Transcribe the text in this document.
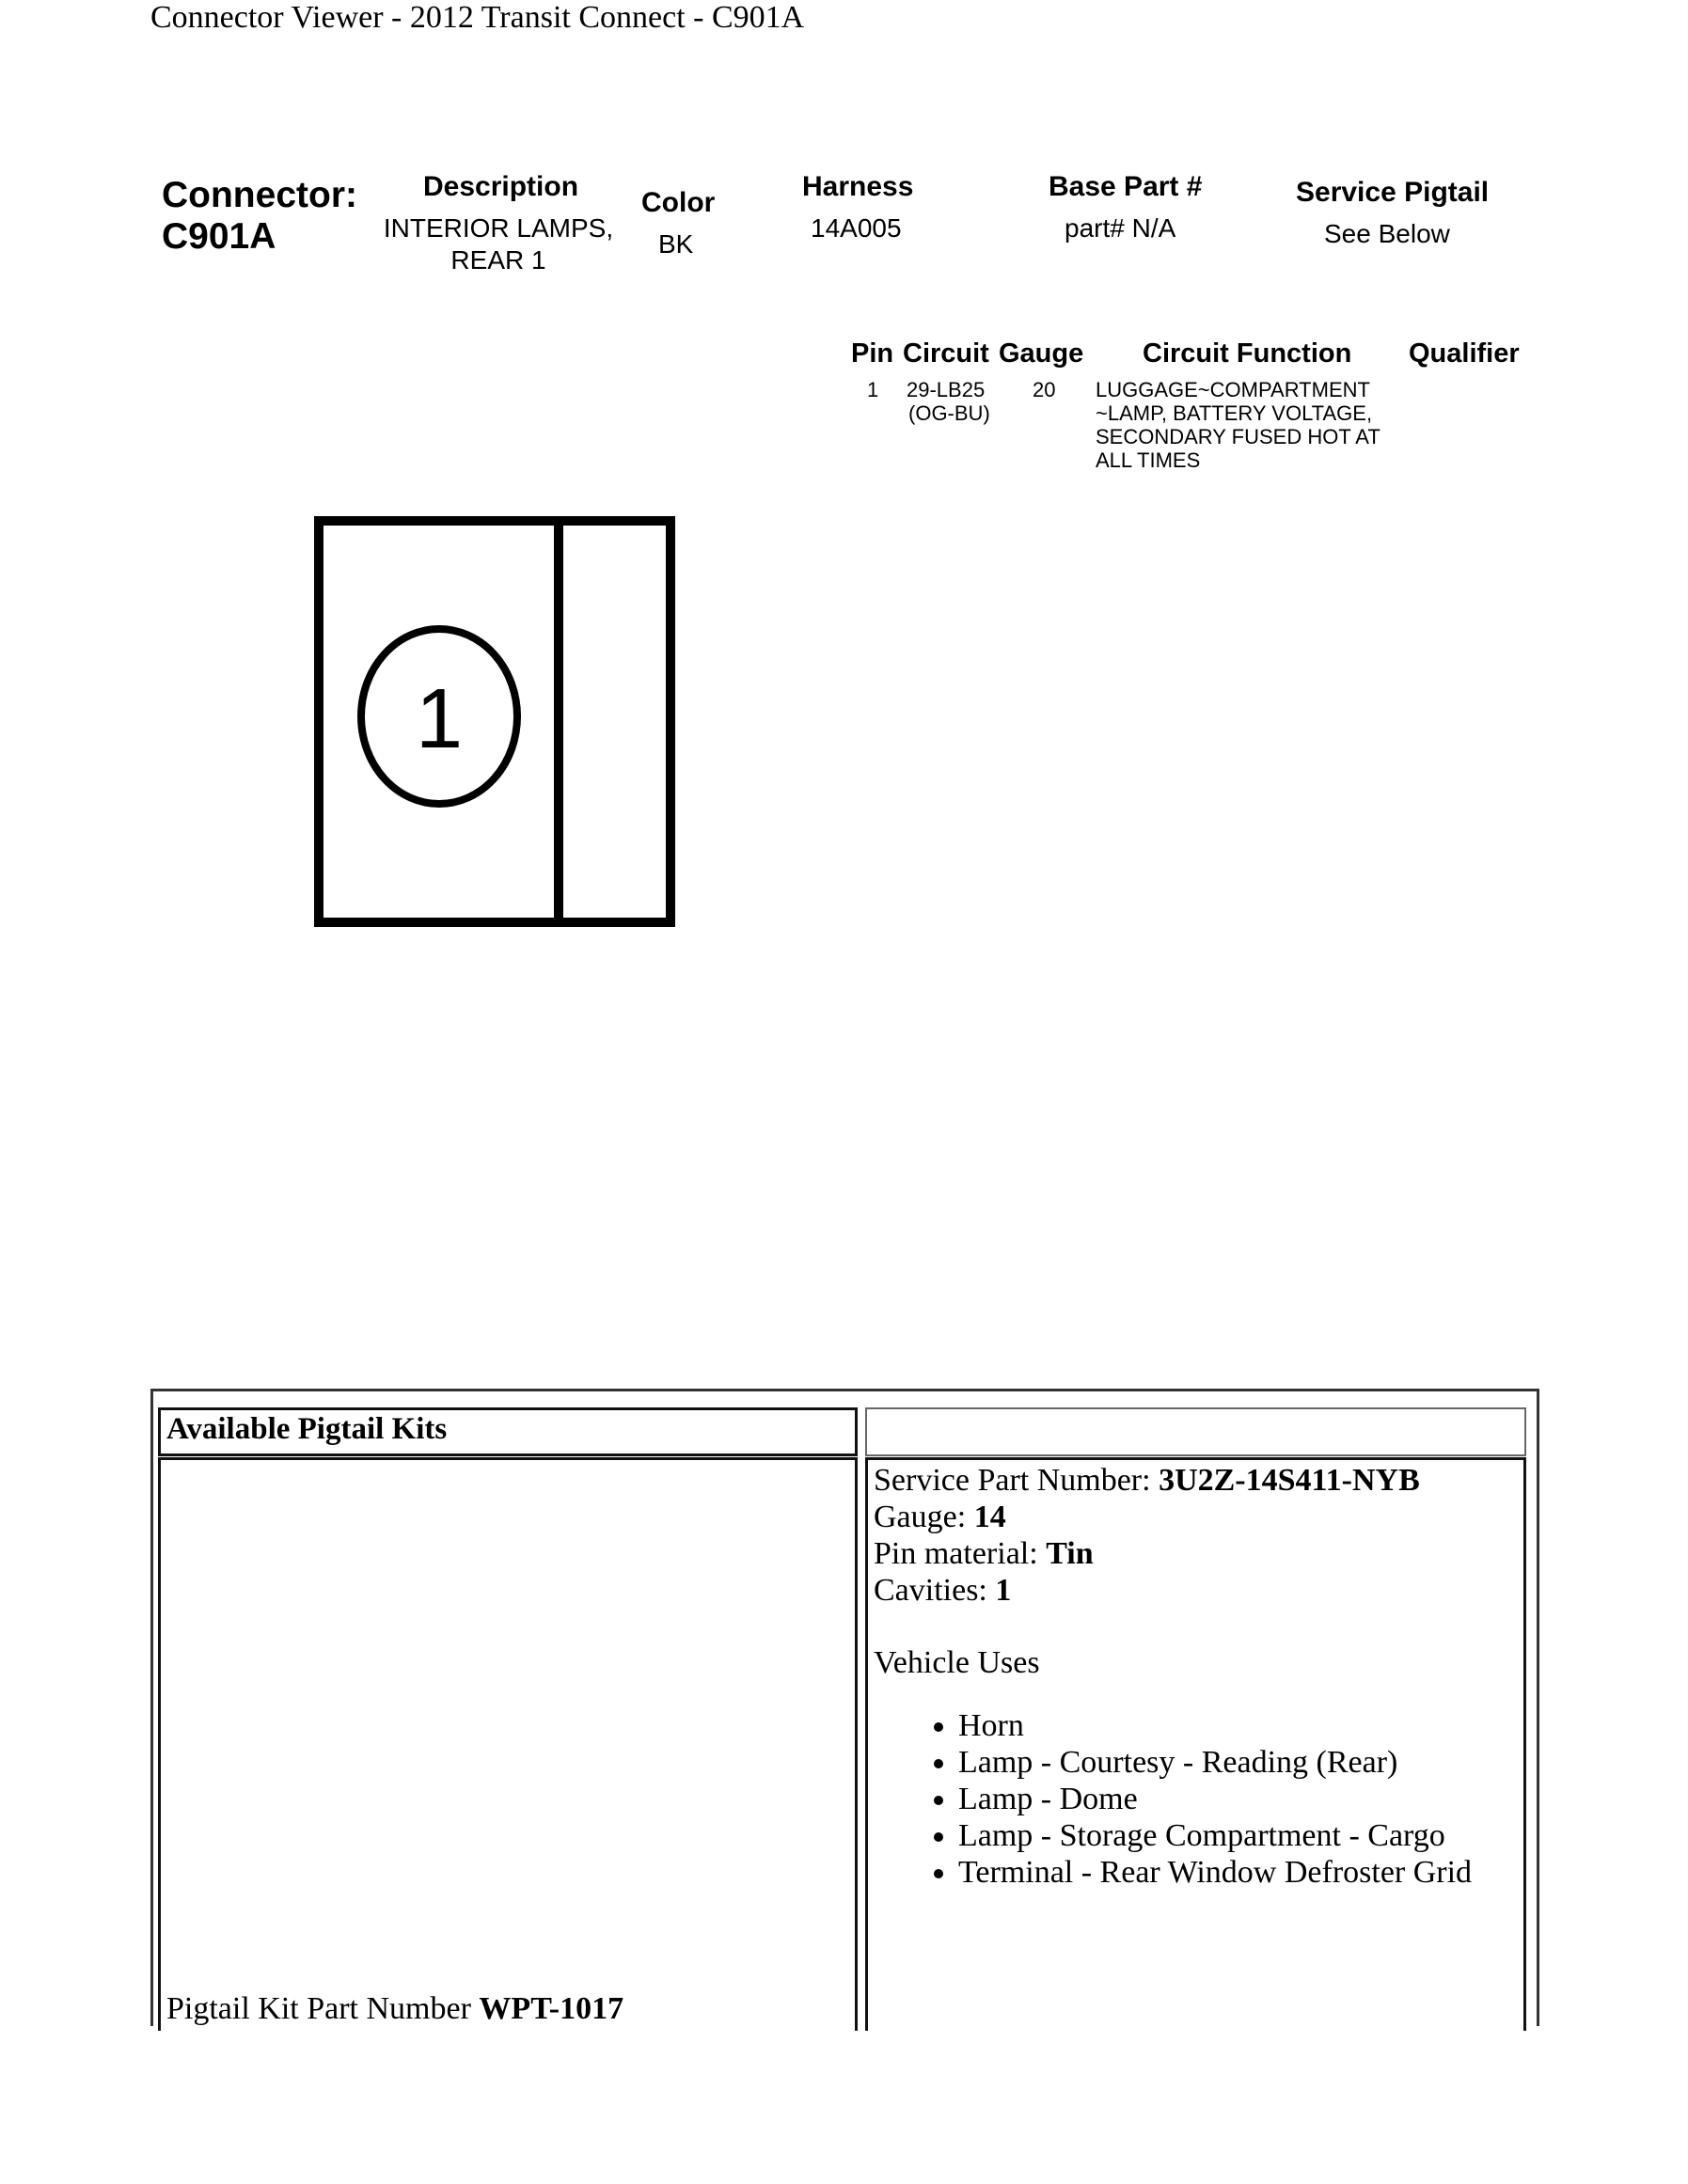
Connector Viewer - 2012 Transit Connect - C901A
Connector:
C901A
Description
INTERIOR LAMPS,
REAR 1
Color
BK
Harness
14A005
Base Part #
part# N/A
Service Pigtail
See Below
Pin Circuit Gauge Circuit Function Qualifier
1 29-LB25
(OG-BU)
20 LUGGAGE~COMPARTMENT
~LAMP, BATTERY VOLTAGE,
SECONDARY FUSED HOT AT
ALL TIMES
1
Available Pigtail Kits
Pigtail Kit Part Number WPT-1017
Service Part Number: 3U2Z-14S411-NYB
Gauge: 14
Pin material: Tin
Cavities: 1
Vehicle Uses
• Horn
• Lamp - Courtesy - Reading (Rear)
• Lamp - Dome
• Lamp - Storage Compartment - Cargo
• Terminal - Rear Window Defroster Grid
